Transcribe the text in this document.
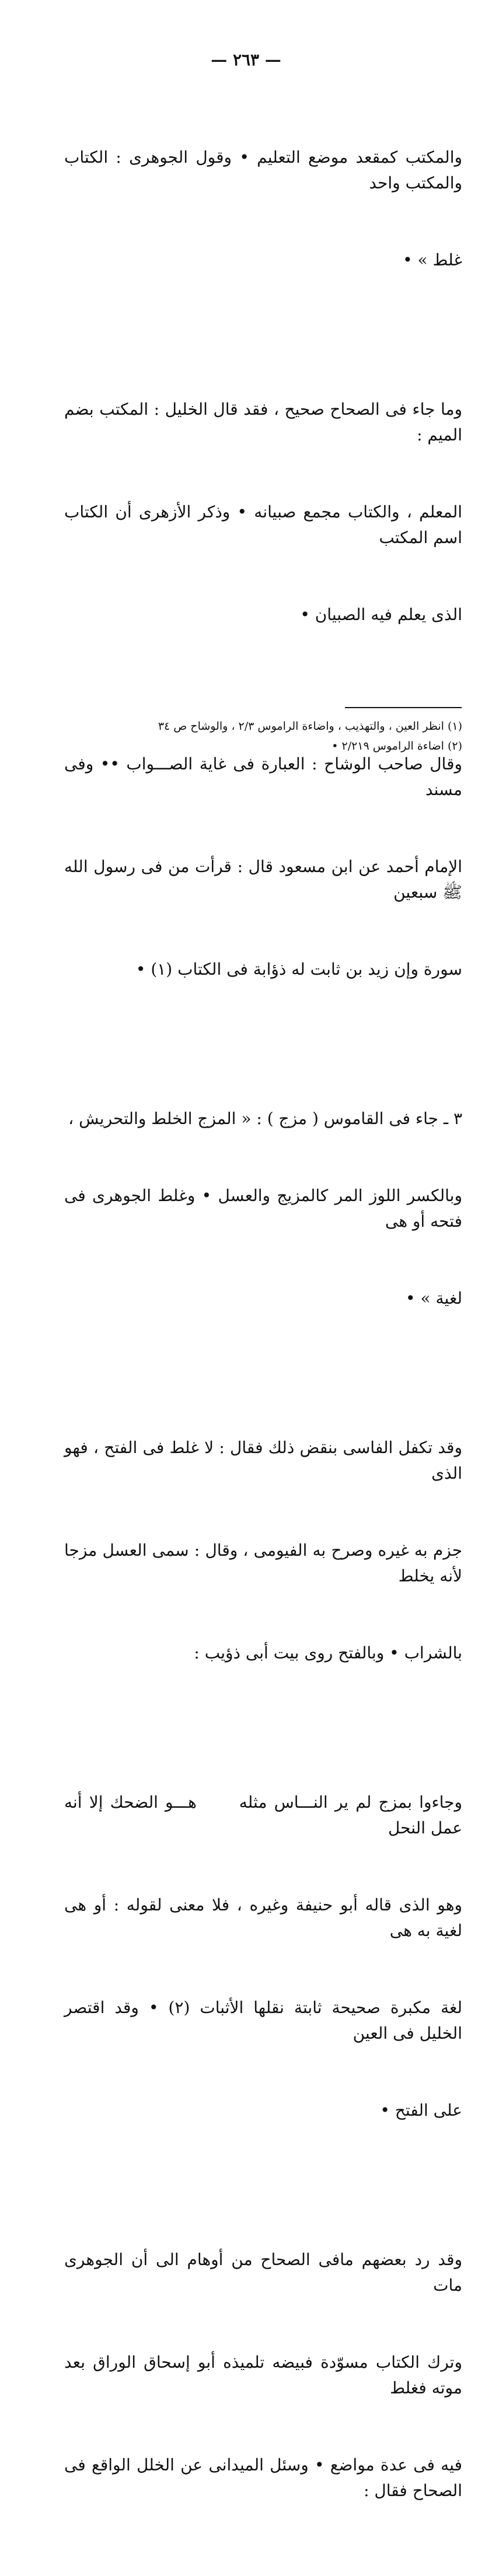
— ٢٦٣ —

والمكتب كمقعد موضع التعليم • وقول الجوهرى : الكتاب والمكتب واحد

غلط » •

وما جاء فى الصحاح صحيح ، فقد قال الخليل : المكتب بضم الميم :

المعلم ، والكتاب مجمع صبيانه • وذكر الأزهرى أن الكتاب اسم المكتب

الذى يعلم فيه الصبيان •

وقال صاحب الوشاح : العبارة فى غاية الصـــواب •• وفى مسند

الإمام أحمد عن ابن مسعود قال : قرأت من فى رسول الله ﷺ سبعين

سورة وإن زيد بن ثابت له ذؤابة فى الكتاب (١) •

٣ ـ جاء فى القاموس ( مزج ) : « المزج الخلط والتحريش ،

وبالكسر اللوز المر كالمزيج والعسل • وغلط الجوهرى فى فتحه أو هى

لغية » •

وقد تكفل الفاسى بنقض ذلك فقال : لا غلط فى الفتح ، فهو الذى

جزم به غيره وصرح به الفيومى ، وقال : سمى العسل مزجا لأنه يخلط

بالشراب • وبالفتح روى بيت أبى ذؤيب :

وجاءوا بمزج لم ير النـــاس مثله      هـــو الضحك إلا أنه عمل النحل

وهو الذى قاله أبو حنيفة وغيره ، فلا معنى لقوله : أو هى لغية به هى

لغة مكبرة صحيحة ثابتة نقلها الأثبات (٢) • وقد اقتصر الخليل فى العين

على الفتح •

وقد رد بعضهم مافى الصحاح من أوهام الى أن الجوهرى مات

وترك الكتاب مسوّدة فبيضه تلميذه أبو إسحاق الوراق بعد موته فغلط

فيه فى عدة مواضع • وسئل الميدانى عن الخلل الواقع فى الصحاح فقال :

(١) انظر العين ، والتهذيب ، واضاءة الراموس ٢/٣ ، والوشاح ص ٣٤
(٢) اضاءة الراموس ٢/٢١٩ •
